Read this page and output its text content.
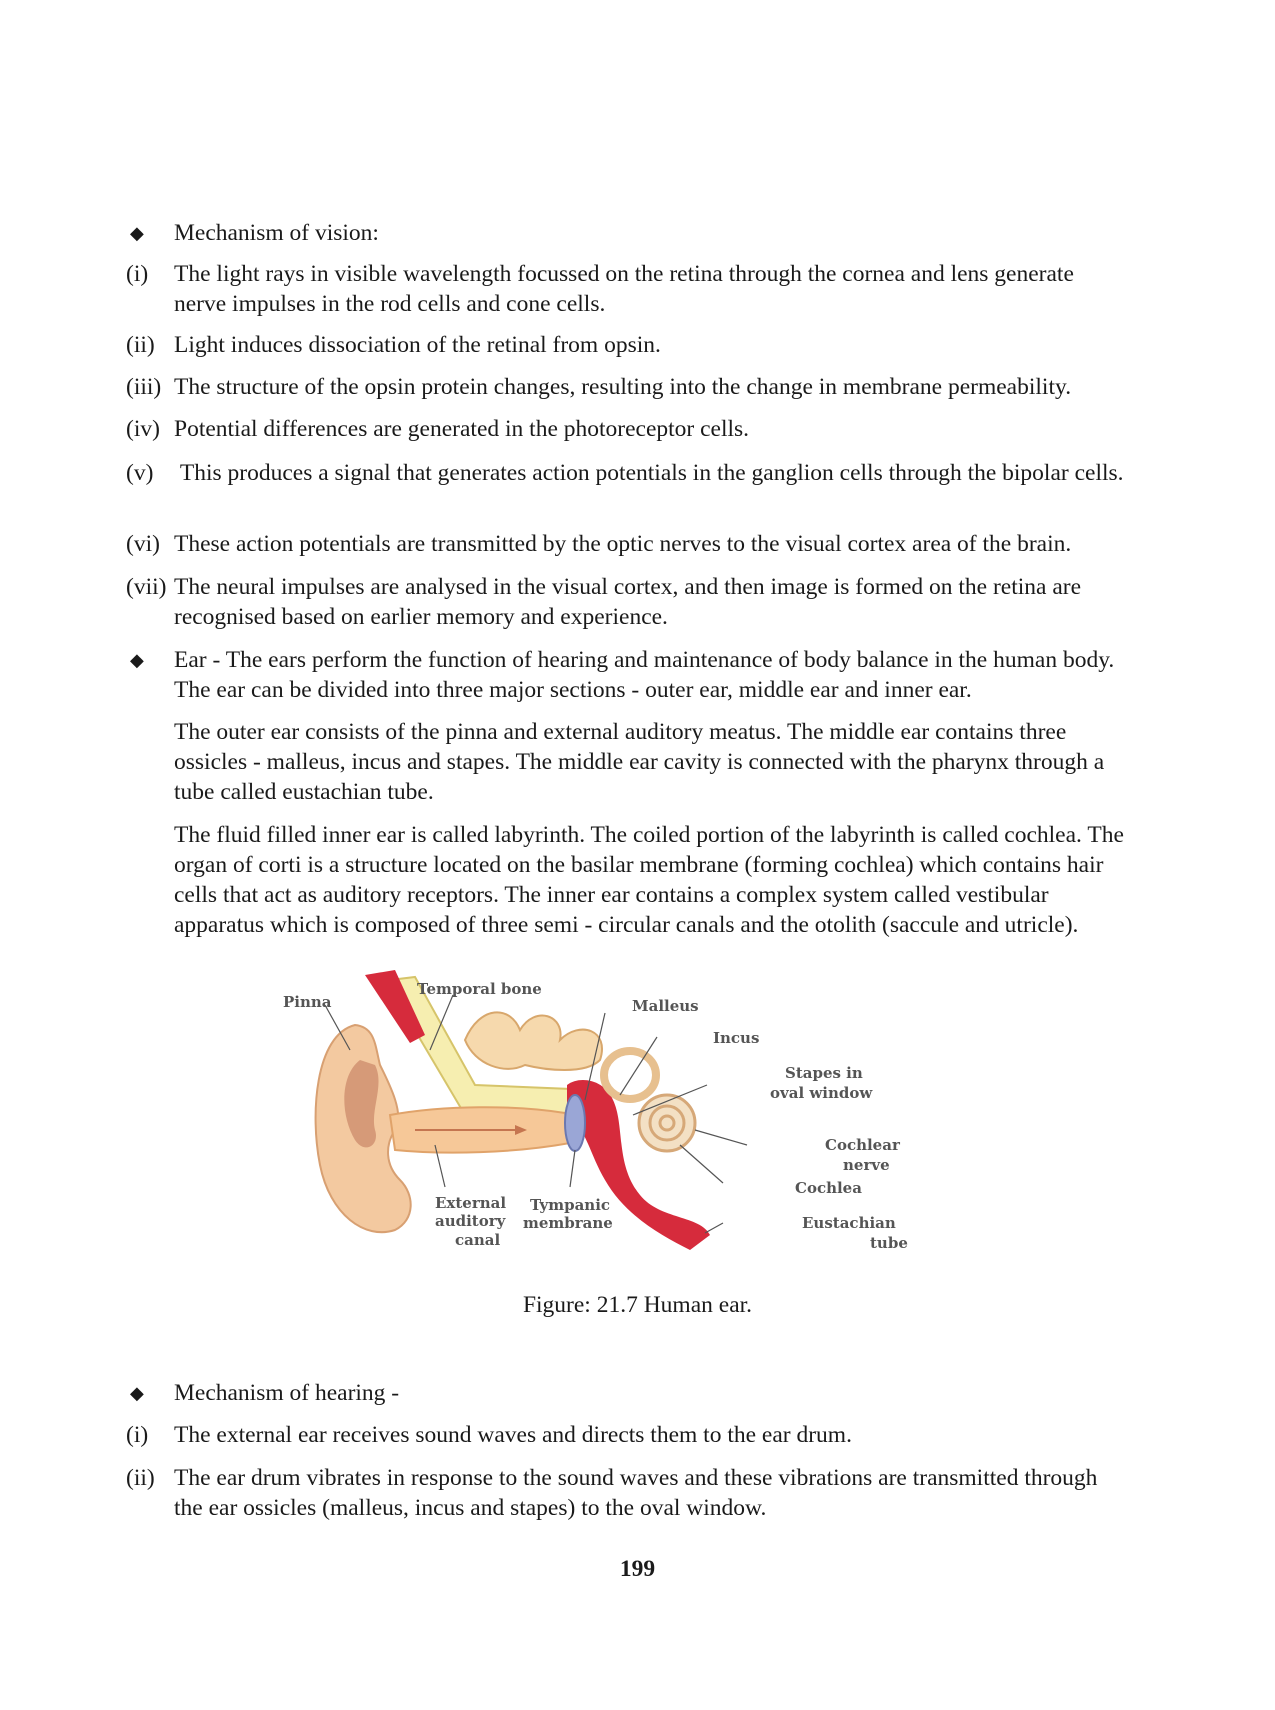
◆	Mechanism of vision:
(i)	The light rays in visible wavelength focussed on the retina through the cornea and lens generate nerve impulses in the rod cells and cone cells.
(ii) Light induces dissociation of the retinal from opsin.
(iii) The structure of the opsin protein changes, resulting into the change in membrane permeability.
(iv) Potential differences are generated in the photoreceptor cells.
(v) This produces a signal that generates action potentials in the ganglion cells through the bipolar cells.
(vi) These action potentials are transmitted by the optic nerves to the visual cortex area of the brain.
(vii) The neural impulses are analysed in the visual cortex, and then image is formed on the retina are recognised based on earlier memory and experience.
◆	Ear - The ears perform the function of hearing and maintenance of body balance in the human body. The ear can be divided into three major sections - outer ear, middle ear and inner ear.
The outer ear consists of the pinna and external auditory meatus. The middle ear contains three ossicles - malleus, incus and stapes. The middle ear cavity is connected with the pharynx through a tube called eustachian tube.
The fluid filled inner ear is called labyrinth. The coiled portion of the labyrinth is called cochlea. The organ of corti is a structure located on the basilar membrane (forming cochlea) which contains hair cells that act as auditory receptors. The inner ear contains a complex system called vestibular apparatus which is composed of three semi - circular canals and the otolith (saccule and utricle).
Pinna
Temporal bone
Malleus
Incus
Stapes in
oval window
Cochlear
nerve
Cochlea
Eustachian
tube
Tympanic
membrane
External
auditory
canal
Figure: 21.7 Human ear.
◆	Mechanism of hearing -
(i)	The external ear receives sound waves and directs them to the ear drum.
(ii) The ear drum vibrates in response to the sound waves and these vibrations are transmitted through the ear ossicles (malleus, incus and stapes) to the oval window.
199
